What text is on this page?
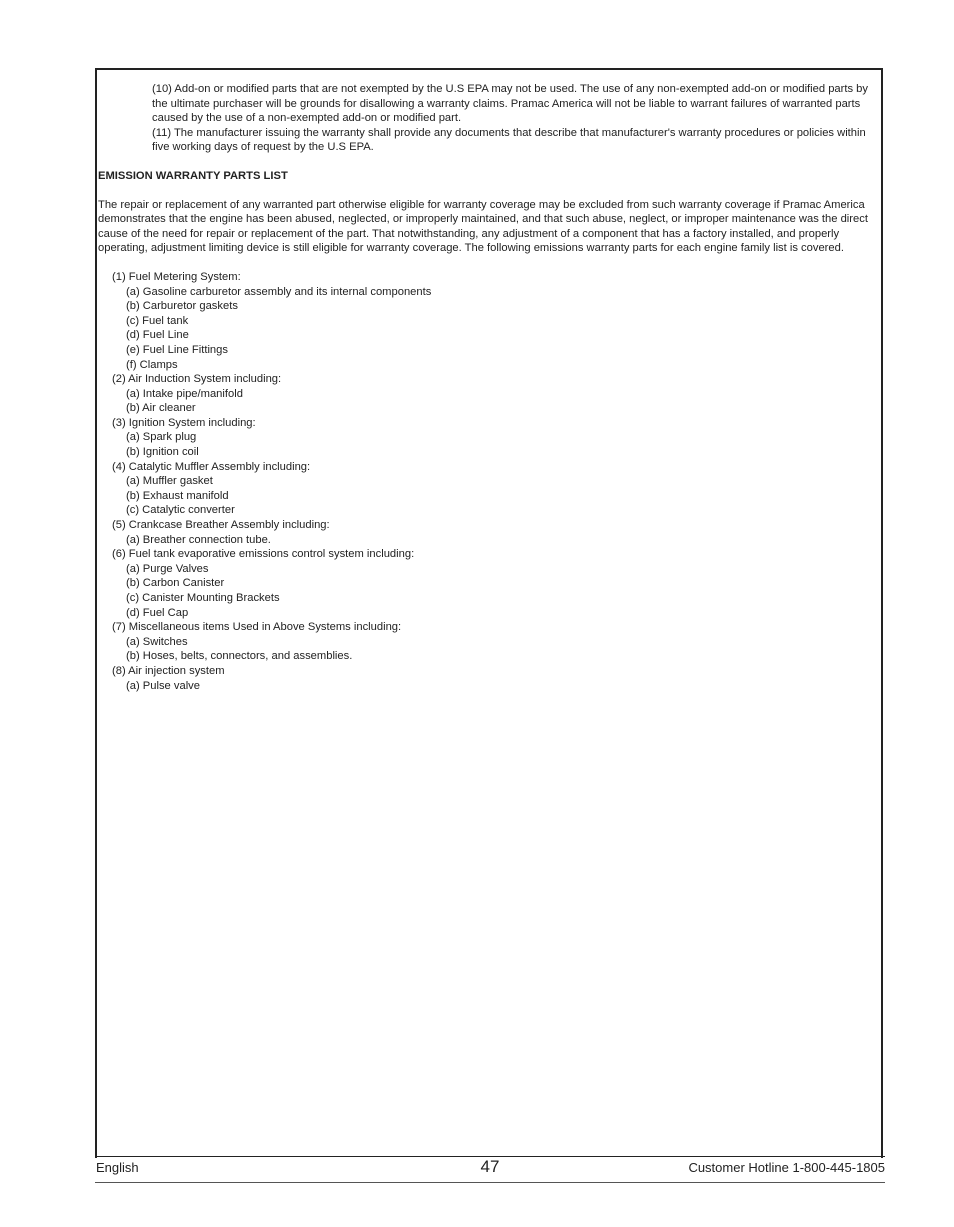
(10) Add-on or modified parts that are not exempted by the U.S EPA may not be used. The use of any non-exempted add-on or modified parts by the ultimate purchaser will be grounds for disallowing a warranty claims. Pramac America will not be liable to warrant failures of warranted parts caused by the use of a non-exempted add-on or modified part.

(11) The manufacturer issuing the warranty shall provide any documents that describe that manufacturer's warranty procedures or policies within five working days of request by the U.S EPA.

EMISSION WARRANTY PARTS LIST

The repair or replacement of any warranted part otherwise eligible for warranty coverage may be excluded from such warranty coverage if Pramac America demonstrates that the engine has been abused, neglected, or improperly maintained, and that such abuse, neglect, or improper maintenance was the direct cause of the need for repair or replacement of the part. That notwithstanding, any adjustment of a component that has a factory installed, and properly operating, adjustment limiting device is still eligible for warranty coverage. The following emissions warranty parts for each engine family list is covered.

(1) Fuel Metering System:
(a) Gasoline carburetor assembly and its internal components
(b) Carburetor gaskets
(c) Fuel tank
(d) Fuel Line
(e) Fuel Line Fittings
(f) Clamps
(2) Air Induction System including:
(a) Intake pipe/manifold
(b) Air cleaner
(3) Ignition System including:
(a) Spark plug
(b) Ignition coil
(4) Catalytic Muffler Assembly including:
(a) Muffler gasket
(b) Exhaust manifold
(c) Catalytic converter
(5) Crankcase Breather Assembly including:
(a) Breather connection tube.
(6) Fuel tank evaporative emissions control system including:
(a) Purge Valves
(b) Carbon Canister
(c) Canister Mounting Brackets
(d) Fuel Cap
(7) Miscellaneous items Used in Above Systems including:
(a) Switches
(b) Hoses, belts, connectors, and assemblies.
(8) Air injection system
(a) Pulse valve
English	47	Customer Hotline 1-800-445-1805
